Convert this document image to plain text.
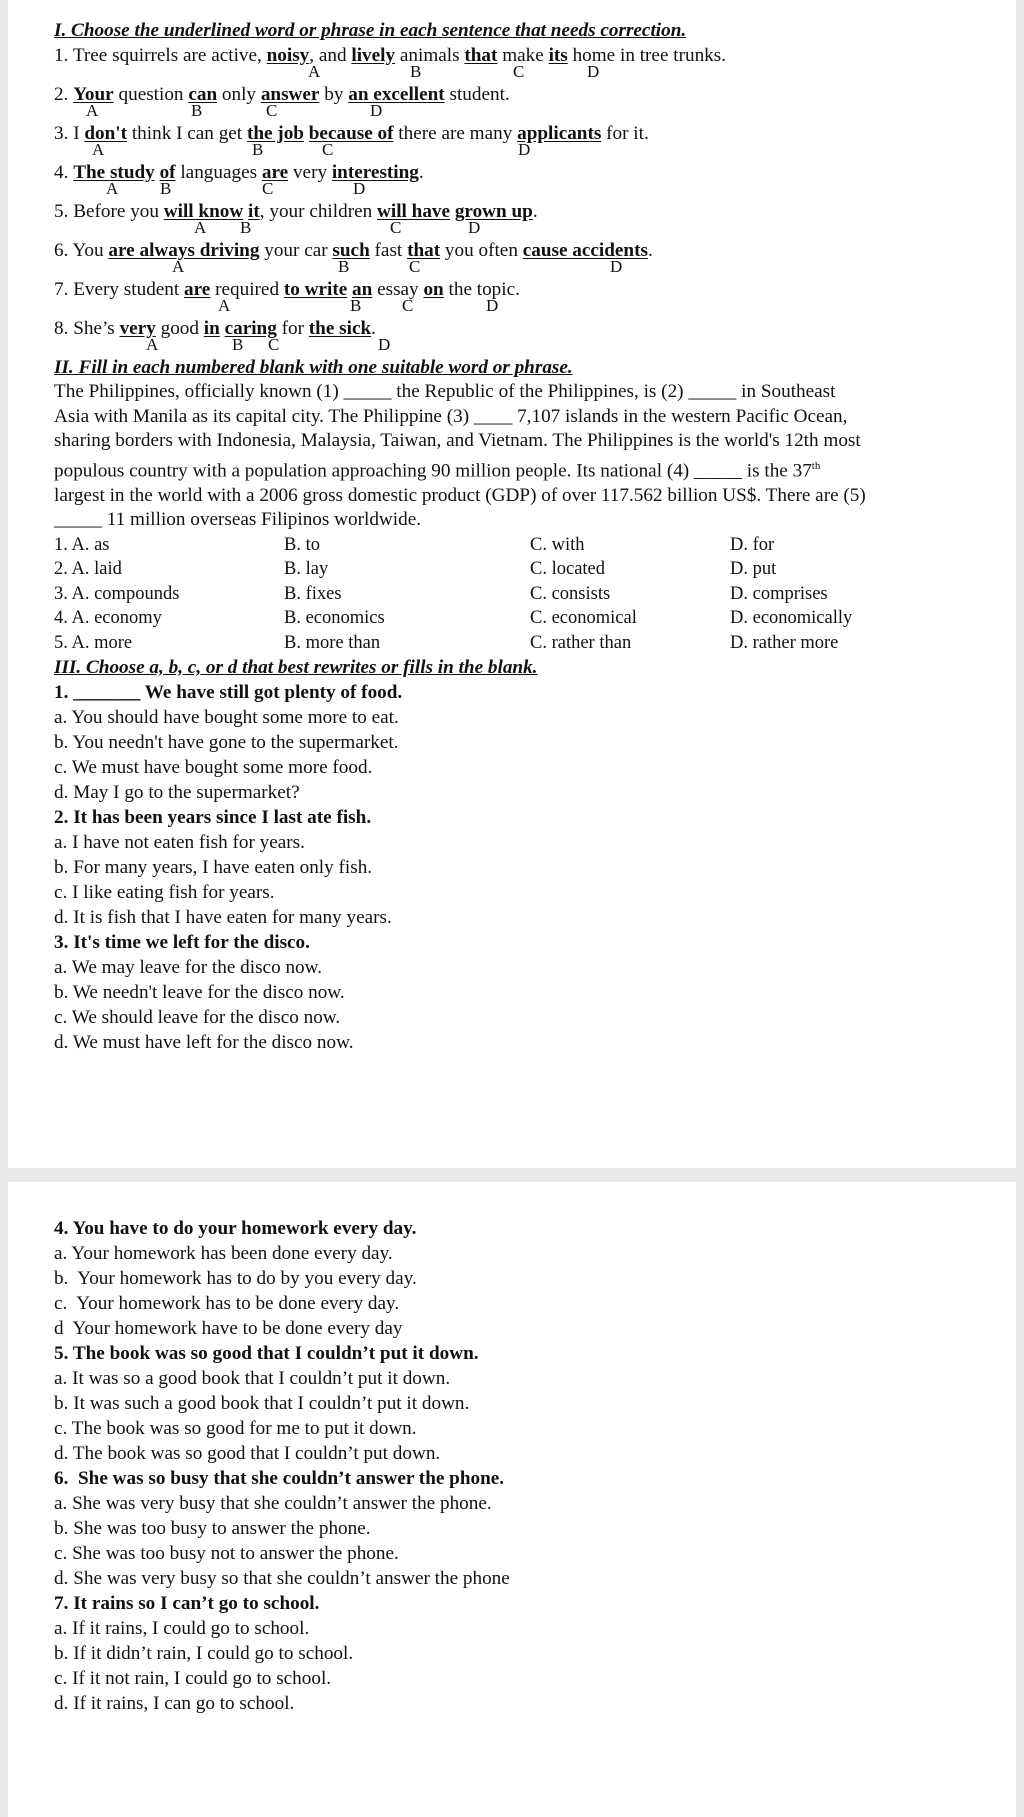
I. Choose the underlined word or phrase in each sentence that needs correction.
1. Tree squirrels are active, noisy, and lively animals that make its home in tree trunks.
A	B	C	D
2. Your question can only answer by an excellent student.
A	B	C	D
3. I don't think I can get the job because of there are many applicants for it.
A	B	C	D
4. The study of languages are very interesting.
A B	C	D
5. Before you will know it, your children will have grown up.
A B	C	D
6. You are always driving your car such fast that you often cause accidents.
A	B	C	D
7. Every student are required to write an essay on the topic.
A	B C	D
8. She’s very good in caring for the sick.
A	B C	D
II. Fill in each numbered blank with one suitable word or phrase.
The Philippines, officially known (1) _____ the Republic of the Philippines, is (2) _____ in Southeast
Asia with Manila as its capital city. The Philippine (3) ____ 7,107 islands in the western Pacific Ocean,
sharing borders with Indonesia, Malaysia, Taiwan, and Vietnam. The Philippines is the world's 12th most
populous country with a population approaching 90 million people. Its national (4) _____ is the 37th
largest in the world with a 2006 gross domestic product (GDP) of over 117.562 billion US$. There are (5)
_____ 11 million overseas Filipinos worldwide.
1. A. as	B. to	C. with	D. for
2. A. laid	B. lay	C. located	D. put
3. A. compounds	B. fixes	C. consists	D. comprises
4. A. economy	B. economics	C. economical	D. economically
5. A. more	B. more than	C. rather than	D. rather more
III. Choose a, b, c, or d that best rewrites or fills in the blank.
1. _______ We have still got plenty of food.
a. You should have bought some more to eat.
b. You needn't have gone to the supermarket.
c. We must have bought some more food.
d. May I go to the supermarket?
2. It has been years since I last ate fish.
a. I have not eaten fish for years.
b. For many years, I have eaten only fish.
c. I like eating fish for years.
d. It is fish that I have eaten for many years.
3. It's time we left for the disco.
a. We may leave for the disco now.
b. We needn't leave for the disco now.
c. We should leave for the disco now.
d. We must have left for the disco now.
4. You have to do your homework every day.
a. Your homework has been done every day.
b.  Your homework has to do by you every day.
c.  Your homework has to be done every day.
d  Your homework have to be done every day
5. The book was so good that I couldn’t put it down.
a. It was so a good book that I couldn’t put it down.
b. It was such a good book that I couldn’t put it down.
c. The book was so good for me to put it down.
d. The book was so good that I couldn’t put down.
6.  She was so busy that she couldn’t answer the phone.
a. She was very busy that she couldn’t answer the phone.
b. She was too busy to answer the phone.
c. She was too busy not to answer the phone.
d. She was very busy so that she couldn’t answer the phone
7. It rains so I can’t go to school.
a. If it rains, I could go to school.
b. If it didn’t rain, I could go to school.
c. If it not rain, I could go to school.
d. If it rains, I can go to school.
